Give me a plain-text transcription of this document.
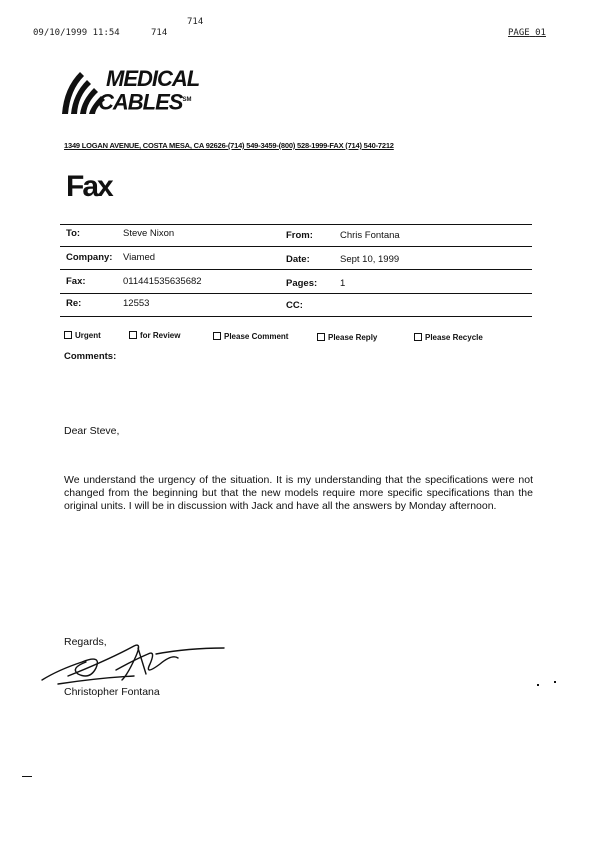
714
09/10/1999 11:54	714	PAGE 01
MEDICAL
CABLES℠
1349 LOGAN AVENUE, COSTA MESA, CA 92626-(714) 549-3459-(800) 528-1999-FAX (714) 540-7212
Fax
To:	Steve Nixon	From:	Chris Fontana
Company: Viamed	Date:	Sept 10, 1999
Fax:	011441535635682	Pages: 1
Re:	12553	CC:
Urgent	for Review	Please Comment	Please Reply	Please Recycle
Comments:
Dear Steve,
We understand the urgency of the situation. It is my understanding that the specifications were not changed from the beginning but that the new models require more specific specifications than the original units. I will be in discussion with Jack and have all the answers by Monday afternoon.
Regards,
Christopher Fontana
